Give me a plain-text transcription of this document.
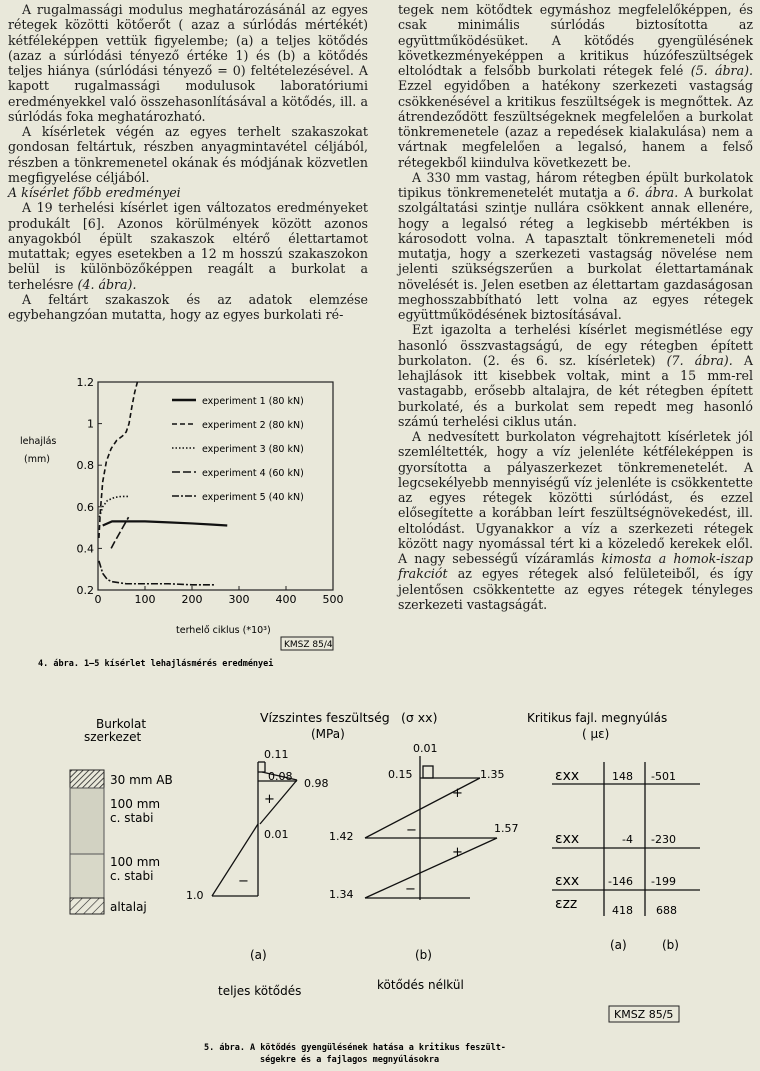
A rugalmassági modulus meghatározásánál az egyes rétegek közötti kötőerőt ( azaz a súrlódás mértékét) kétféleképpen vettük figyelembe; (a) a teljes kötődés (azaz a súrlódási tényező értéke 1) és (b) a kötődés teljes hiánya (súrlódási tényező = 0) feltételezésével. A kapott rugalmassági modulusok laboratóriumi eredményekkel való összehasonlításával a kötődés, ill. a súrlódás foka meghatározható.

A kísérletek végén az egyes terhelt szakaszokat gondosan feltártuk, részben anyagmintavétel céljából, részben a tönkremenetel okának és módjának közvetlen megfigyelése céljából.

A kísérlet főbb eredményei

A 19 terhelési kísérlet igen változatos eredményeket produkált [6]. Azonos körülmények között azonos anyagokból épült szakaszok eltérő élettartamot mutattak; egyes esetekben a 12 m hosszú szakaszokon belül is különbözőképpen reagált a burkolat a terhelésre (4. ábra).

A feltárt szakaszok és az adatok elemzése egybehangzóan mutatta, hogy az egyes burkolati ré-

tegek nem kötődtek egymáshoz megfelelőképpen, és csak minimális súrlódás biztosította az együttműködésüket. A kötődés gyengülésének következményeképpen a kritikus húzófeszültségek eltolódtak a felsőbb burkolati rétegek felé (5. ábra). Ezzel egyidőben a hatékony szerkezeti vastagság csökkenésével a kritikus feszültségek is megnőttek. Az átrendeződött feszültségeknek megfelelően a burkolat tönkremenetele (azaz a repedések kialakulása) nem a vártnak megfelelően a legalsó, hanem a felső rétegekből kiindulva következett be.

A 330 mm vastag, három rétegben épült burkolatok tipikus tönkremenetelét mutatja a 6. ábra. A burkolat szolgáltatási szintje nullára csökkent annak ellenére, hogy a legalsó réteg a legkisebb mértékben is károsodott volna. A tapasztalt tönkremeneteli mód mutatja, hogy a szerkezeti vastagság növelése nem jelenti szükségszerűen a burkolat élettartamának növelését is. Jelen esetben az élettartam gazdaságosan meghosszabbítható lett volna az egyes rétegek együttműködésének biztosításával.

Ezt igazolta a terhelési kísérlet megismétlése egy hasonló összvastagságú, de egy rétegben épített burkolaton. (2. és 6. sz. kísérletek) (7. ábra). A lehajlások itt kisebbek voltak, mint a 15 mm-rel vastagabb, erősebb altalajra, de két rétegben épített burkolaté, és a burkolat sem repedt meg hasonló számú terhelési ciklus után.

A nedvesített burkolaton végrehajtott kísérletek jól szemléltették, hogy a víz jelenléte kétféleképpen is gyorsította a pályaszerkezet tönkremenetelét. A legcsekélyebb mennyiségű víz jelenléte is csökkentette az egyes rétegek közötti súrlódást, és ezzel elősegítette a korábban leírt feszültségnövekedést, ill. eltolódást. Ugyanakkor a víz a szerkezeti rétegek között nagy nyomással tért ki a közeledő kerekek elől. A nagy sebességű vízáramlás kimosta a homok-iszap frakciót az egyes rétegek alsó felületeiből, és így jelentősen csökkentette az egyes rétegek tényleges szerkezeti vastagságát.

0	100 200 300 400 500
0.2
0.4
0.6
0.8
1
1.2
experiment 1 (80 kN)
experiment 2 (80 kN)
experiment 3 (80 kN)
experiment 4 (60 kN)
experiment 5 (40 kN)
lehajlás
(mm)
terhelő ciklus (*10³)
KMSZ 85/4
4. ábra. 1—5 kísérlet lehajlásmérés eredményei
Burkolat
szerkezet
30 mm AB
100 mm
c. stabi
100 mm
c. stabi
altalaj
Vízszintes feszültség (σ xx)
(MPa)
0.11
0.08
0.98
0.01
1.0
+
−
0.01
0.15	1.35
1.42
1.57
1.34
+
−
+
−
Kritikus fajl. megnyúlás
( με)
εxx	148 -501
εxx	-4 -230
εxx	-146 -199
εzz	418 688
(a)	(b)
(a)	(b)
teljes kötődés	kötődés nélkül
KMSZ 85/5
5. ábra. A kötődés gyengülésének hatása a kritikus feszült-
ségekre és a fajlagos megnyúlásokra
